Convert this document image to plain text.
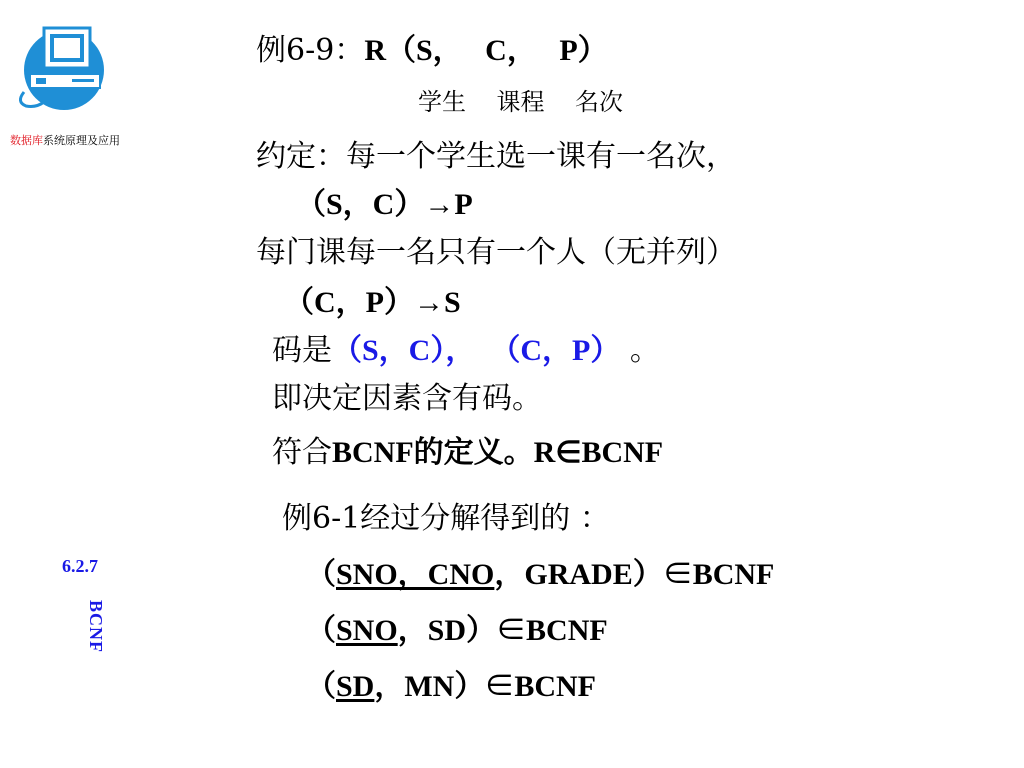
数据库系统原理及应用
6.2.7
BCNF
例6-9：R（S，   C，   P）
学生    课程    名次
约定：每一个学生选一课有一名次，
（S，C）→P
每门课每一名只有一个人（无并列）
（C，P）→S
码是（S，C），  （C，P） 。
即决定因素含有码。
符合BCNF的定义。R∈BCNF
例6-1经过分解得到的 ：
（SNO，CNO，GRADE）∈BCNF
（SNO，SD）∈BCNF
（SD，MN）∈BCNF
